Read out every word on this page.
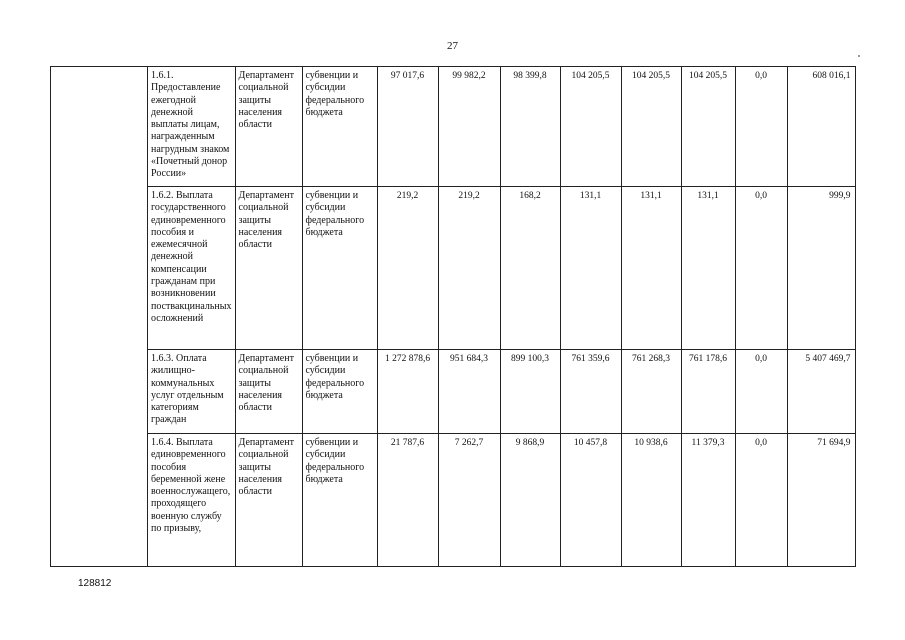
27
	1.6.1. Предоставление ежегодной денежной выплаты лицам, награжденным нагрудным знаком «Почетный донор России»	Департамент социальной защиты населения области	субвенции и субсидии федерального бюджета	97 017,6	99 982,2	98 399,8	104 205,5	104 205,5	104 205,5	0,0	608 016,1
	1.6.2. Выплата государственного единовременного пособия и ежемесячной денежной компенсации гражданам при возникновении поствакцинальных осложнений	Департамент социальной защиты населения области	субвенции и субсидии федерального бюджета	219,2	219,2	168,2	131,1	131,1	131,1	0,0	999,9
	1.6.3. Оплата жилищно-коммунальных услуг отдельным категориям граждан	Департамент социальной защиты населения области	субвенции и субсидии федерального бюджета	1 272 878,6	951 684,3	899 100,3	761 359,6	761 268,3	761 178,6	0,0	5 407 469,7
	1.6.4. Выплата единовременного пособия беременной жене военнослужащего, проходящего военную службу по призыву,	Департамент социальной защиты населения области	субвенции и субсидии федерального бюджета	21 787,6	7 262,7	9 868,9	10 457,8	10 938,6	11 379,3	0,0	71 694,9
128812
